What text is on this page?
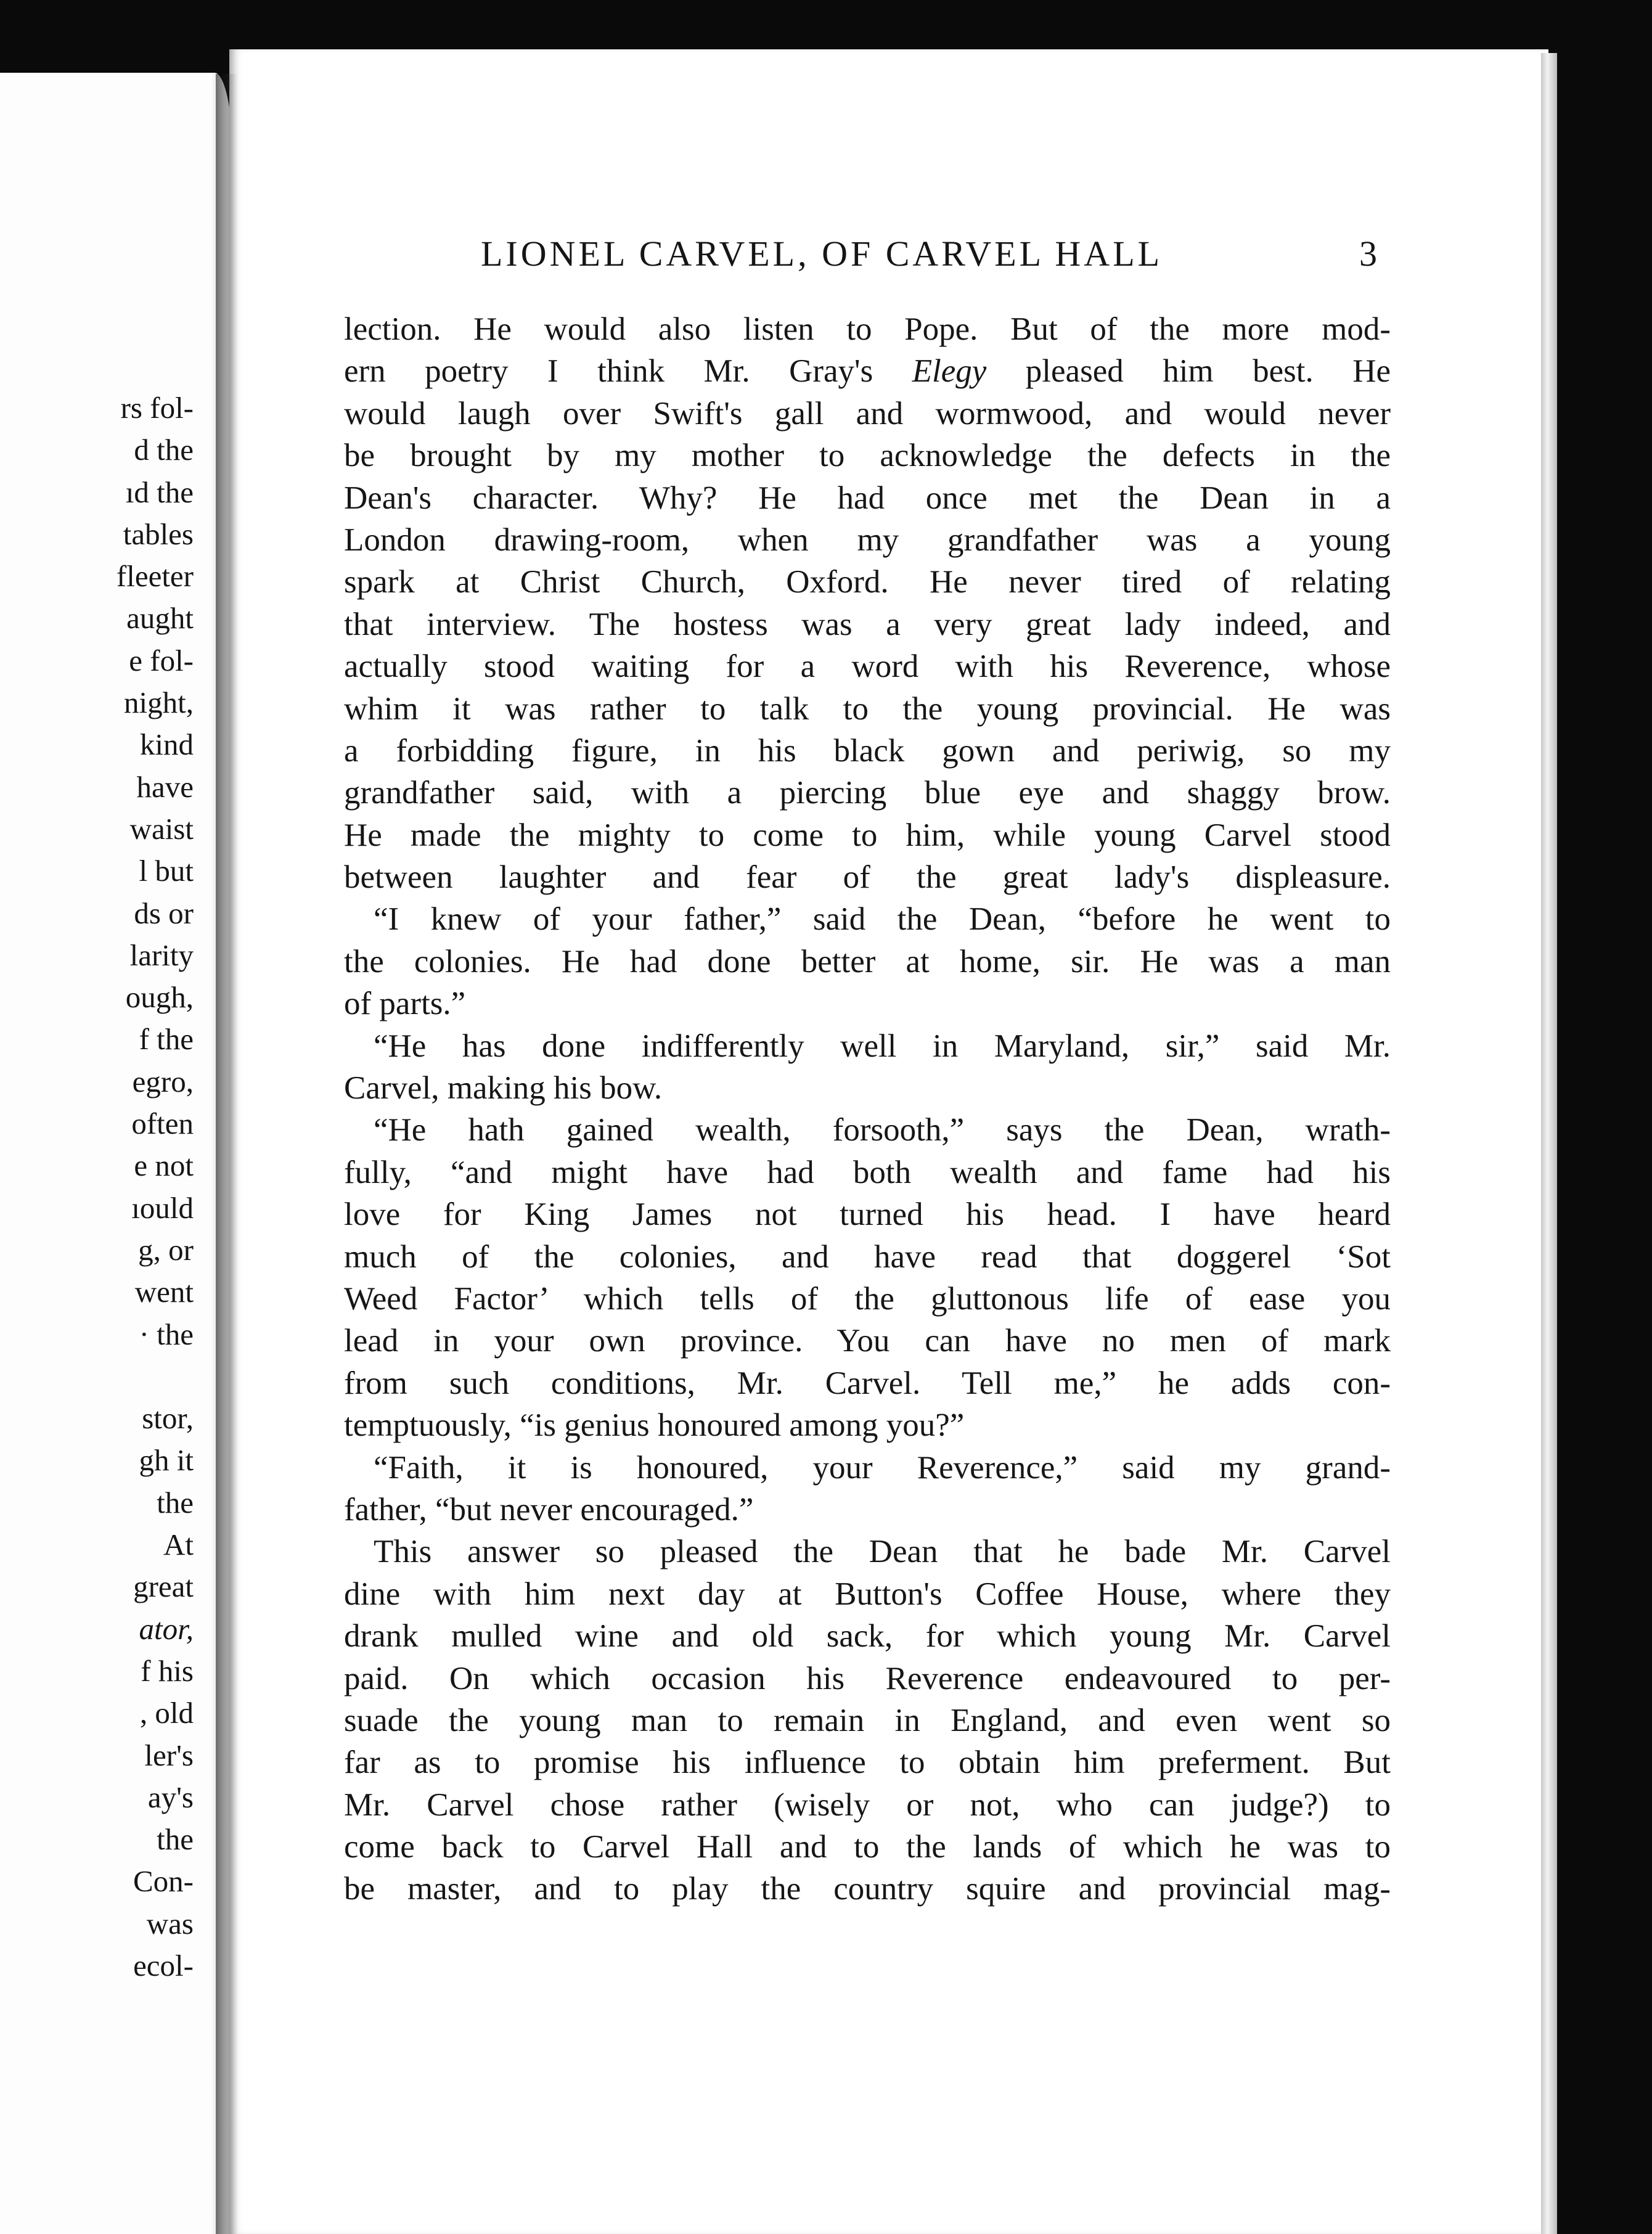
rs fol-
d the
ıd the
tables
fleeter
aught
e fol-
night,
kind
have
waist
l but
ds or
larity
ough,
f the
egro,
often
e not
ıould
g, or
went
· the

stor,
gh it
the
At
great
ator,
f his
, old
ler's
ay's
the
Con-
was
ecol-
LIONEL CARVEL, OF CARVEL HALL	3
lection. He would also listen to Pope. But of the more mod-
ern poetry I think Mr. Gray's Elegy pleased him best. He
would laugh over Swift's gall and wormwood, and would never
be brought by my mother to acknowledge the defects in the
Dean's character. Why? He had once met the Dean in a
London drawing-room, when my grandfather was a young
spark at Christ Church, Oxford. He never tired of relating
that interview. The hostess was a very great lady indeed, and
actually stood waiting for a word with his Reverence, whose
whim it was rather to talk to the young provincial. He was
a forbidding figure, in his black gown and periwig, so my
grandfather said, with a piercing blue eye and shaggy brow.
He made the mighty to come to him, while young Carvel stood
between laughter and fear of the great lady's displeasure.
“I knew of your father,” said the Dean, “before he went to
the colonies. He had done better at home, sir. He was a man
of parts.”
“He has done indifferently well in Maryland, sir,” said Mr.
Carvel, making his bow.
“He hath gained wealth, forsooth,” says the Dean, wrath-
fully, “and might have had both wealth and fame had his
love for King James not turned his head. I have heard
much of the colonies, and have read that doggerel ‘Sot
Weed Factor’ which tells of the gluttonous life of ease you
lead in your own province. You can have no men of mark
from such conditions, Mr. Carvel. Tell me,” he adds con-
temptuously, “is genius honoured among you?”
“Faith, it is honoured, your Reverence,” said my grand-
father, “but never encouraged.”
This answer so pleased the Dean that he bade Mr. Carvel
dine with him next day at Button's Coffee House, where they
drank mulled wine and old sack, for which young Mr. Carvel
paid. On which occasion his Reverence endeavoured to per-
suade the young man to remain in England, and even went so
far as to promise his influence to obtain him preferment. But
Mr. Carvel chose rather (wisely or not, who can judge?) to
come back to Carvel Hall and to the lands of which he was to
be master, and to play the country squire and provincial mag-
